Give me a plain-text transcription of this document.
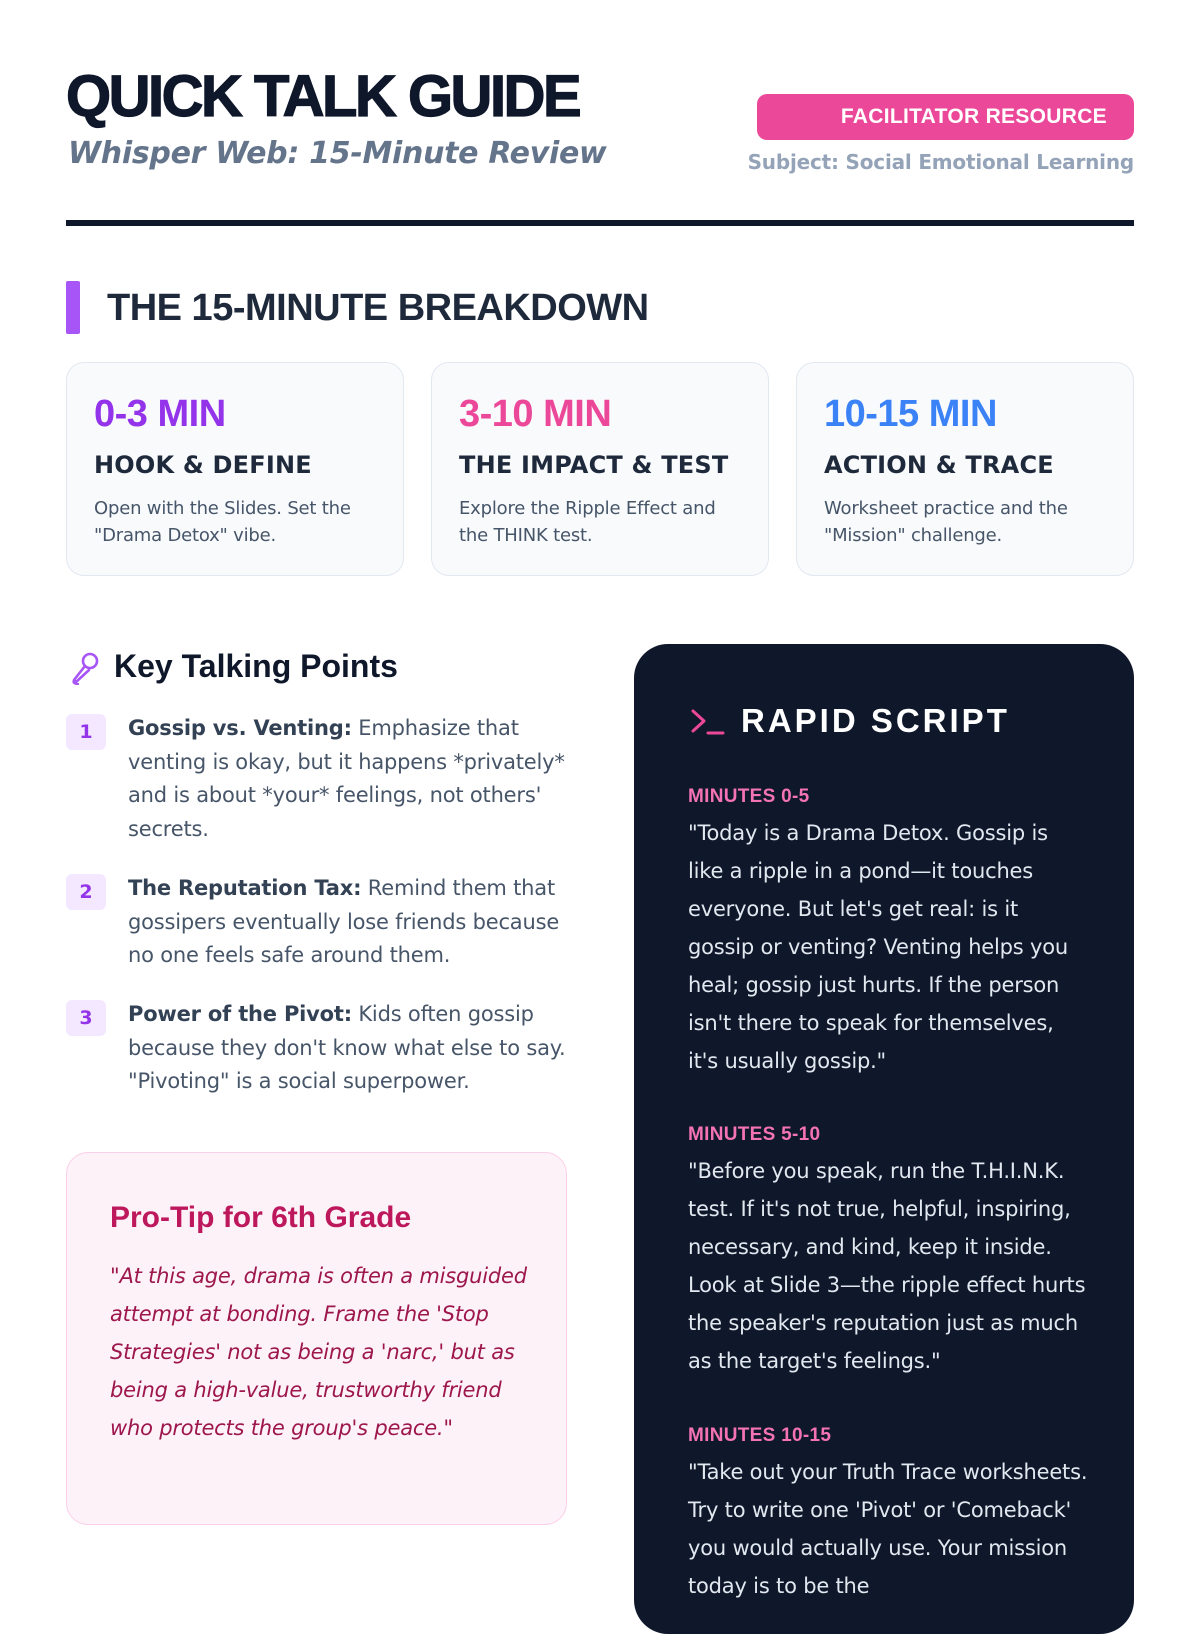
QUICK TALK GUIDE
Whisper Web: 15-Minute Review
FACILITATOR RESOURCE
Subject: Social Emotional Learning
THE 15-MINUTE BREAKDOWN
0-3 MIN
HOOK & DEFINE
Open with the Slides. Set the "Drama Detox" vibe.
3-10 MIN
THE IMPACT & TEST
Explore the Ripple Effect and the THINK test.
10-15 MIN
ACTION & TRACE
Worksheet practice and the "Mission" challenge.
Key Talking Points
1	Gossip vs. Venting: Emphasize that venting is okay, but it happens *privately* and is about *your* feelings, not others' secrets.
2	The Reputation Tax: Remind them that gossipers eventually lose friends because no one feels safe around them.
3	Power of the Pivot: Kids often gossip because they don't know what else to say. "Pivoting" is a social superpower.
Pro-Tip for 6th Grade
"At this age, drama is often a misguided attempt at bonding. Frame the 'Stop Strategies' not as being a 'narc,' but as being a high-value, trustworthy friend who protects the group's peace."
RAPID SCRIPT
MINUTES 0-5
"Today is a Drama Detox. Gossip is like a ripple in a pond—it touches everyone. But let's get real: is it gossip or venting? Venting helps you heal; gossip just hurts. If the person isn't there to speak for themselves, it's usually gossip."
MINUTES 5-10
"Before you speak, run the T.H.I.N.K. test. If it's not true, helpful, inspiring, necessary, and kind, keep it inside. Look at Slide 3—the ripple effect hurts the speaker's reputation just as much as the target's feelings."
MINUTES 10-15
"Take out your Truth Trace worksheets. Try to write one 'Pivot' or 'Comeback' you would actually use. Your mission today is to be the
